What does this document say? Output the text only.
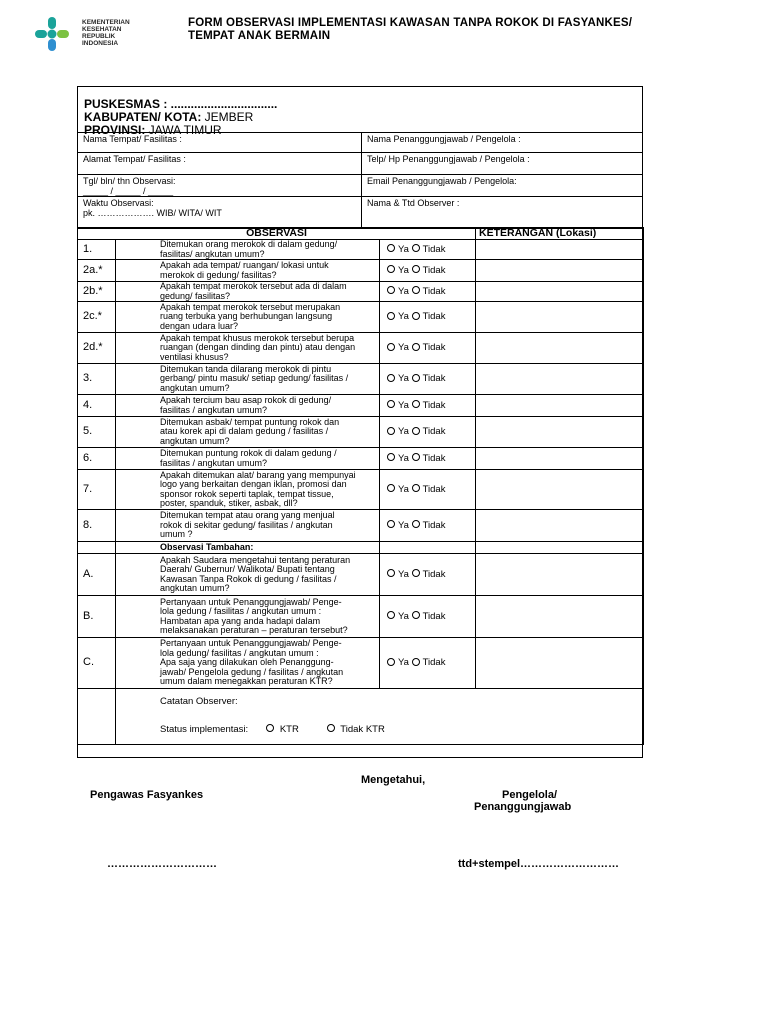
KEMENTERIAN
KESEHATAN
REPUBLIK
INDONESIA
FORM OBSERVASI IMPLEMENTASI KAWASAN TANPA ROKOK DI FASYANKES/
TEMPAT ANAK BERMAIN
PUSKESMAS : ................................
KABUPATEN/ KOTA: JEMBER
PROVINSI: JAWA TIMUR
Nama Tempat/ Fasilitas :	Nama Penanggungjawab / Pengelola :
Alamat Tempat/ Fasilitas :	Telp/ Hp Penanggungjawab / Pengelola :

Tgl/ bln/ thn Observasi:
_____ / _____ / _____	Email Penanggungjawab / Pengelola:

Waktu Observasi:
pk. ………………. WIB/ WITA/ WIT	Nama & Ttd Observer :
OBSERVASI			KETERANGAN (Lokasi)
1.	Ditemukan orang merokok di dalam gedung/
fasilitas/ angkutan umum?	Ya Tidak	
2a.*	Apakah ada tempat/ ruangan/ lokasi untuk
merokok di gedung/ fasilitas?	Ya Tidak	
2b.*	Apakah tempat merokok tersebut ada di dalam
gedung/ fasilitas?	Ya Tidak	
2c.*	Apakah tempat merokok tersebut merupakan
ruang terbuka yang berhubungan langsung
dengan udara luar?	Ya Tidak	
2d.*	Apakah tempat khusus merokok tersebut berupa
ruangan (dengan dinding dan pintu) atau dengan
ventilasi khusus?	Ya Tidak	
3.	Ditemukan tanda dilarang merokok di pintu
gerbang/ pintu masuk/ setiap gedung/ fasilitas /
angkutan umum?	Ya Tidak	
4.	Apakah tercium bau asap rokok di gedung/
fasilitas / angkutan umum?	Ya Tidak	
5.	Ditemukan asbak/ tempat puntung rokok dan
atau korek api di dalam gedung / fasilitas /
angkutan umum?	Ya Tidak	
6.	Ditemukan puntung rokok di dalam gedung /
fasilitas / angkutan umum?	Ya Tidak	
7.	Apakah ditemukan alat/ barang yang mempunyai
logo yang berkaitan dengan iklan, promosi dan
sponsor rokok seperti taplak, tempat tissue,
poster, spanduk, stiker, asbak, dll?	Ya Tidak	
8.	Ditemukan tempat atau orang yang menjual
rokok di sekitar gedung/ fasilitas / angkutan
umum ?	Ya Tidak	
	Observasi Tambahan:		
A.	Apakah Saudara mengetahui tentang peraturan
Daerah/ Gubernur/ Walikota/ Bupati tentang
Kawasan Tanpa Rokok di gedung / fasilitas /
angkutan umum?	Ya Tidak	
B.	Pertanyaan untuk Penanggungjawab/ Penge-
lola gedung / fasilitas / angkutan umum :
Hambatan apa yang anda hadapi dalam
melaksanakan peraturan – peraturan tersebut?	Ya Tidak	
C.	Pertanyaan untuk Penanggungjawab/ Penge-
lola gedung/ fasilitas / angkutan umum :
Apa saja yang dilakukan oleh Penanggung-
jawab/ Pengelola gedung / fasilitas / angkutan
umum dalam menegakkan peraturan KTR?	Ya Tidak	

	Catatan Observer:
Status implementasi: KTR Tidak KTR		
Mengetahui,
Pengawas Fasyankes	Pengelola/
Penanggungjawab
…………………………	ttd+stempel………………………
